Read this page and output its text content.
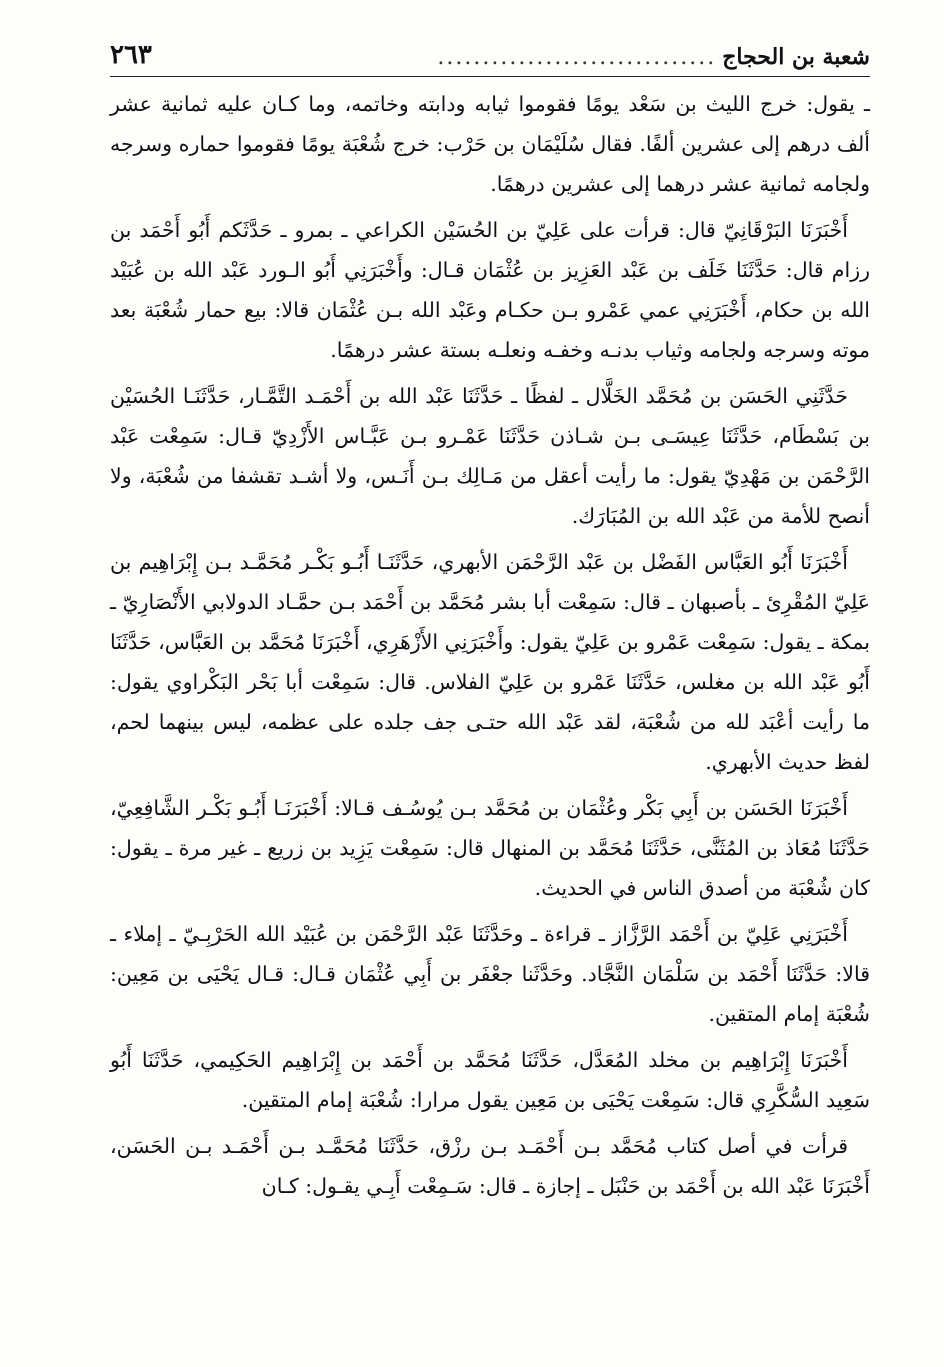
شعبة بن الحجاج
...............................
٢٦٣

ـ يقول: خرج الليث بن سَعْد يومًا فقوموا ثيابه ودابته وخاتمه، وما كـان عليه ثمانية عشر ألف درهم إلى عشرين ألفًا. فقال سُلَيْمَان بن حَرْب: خرج شُعْبَة يومًا فقوموا حماره وسرجه ولجامه ثمانية عشر درهما إلى عشرين درهمًا.

أَخْبَرَنَا البَرْقَانِيّ قال: قرأت على عَلِيّ بن الحُسَيْن الكراعي ـ بمرو ـ حَدَّثَكم أَبُو أَحْمَد بن رزام قال: حَدَّثَنَا خَلَف بن عَبْد العَزِيز بن عُثْمَان قـال: وأَخْبَرَنِي أَبُو الـورد عَبْد الله بن عُبَيْد الله بن حكام، أَخْبَرَنِي عمي عَمْرو بـن حكـام وعَبْد الله بـن عُثْمَان قالا: بيع حمار شُعْبَة بعد موته وسرجه ولجامه وثياب بدنـه وخفـه ونعلـه بستة عشر درهمًا.

حَدَّثَنِي الحَسَن بن مُحَمَّد الخَلَّال ـ لفظًا ـ حَدَّثَنَا عَبْد الله بن أَحْمَـد التَّمَّـار، حَدَّثَنَـا الحُسَيْن بن بَسْطَام، حَدَّثَنَا عِيسَـى بـن شـاذن حَدَّثَنَا عَمْـرو بـن عَبَّـاس الأَزْدِيّ قـال: سَمِعْت عَبْد الرَّحْمَن بن مَهْدِيّ يقول: ما رأيت أعقل من مَـالِك بـن أَنَـس، ولا أشـد تقشفا من شُعْبَة، ولا أنصح للأمة من عَبْد الله بن المُبَارَك.

أَخْبَرَنَا أَبُو العَبَّاس الفَضْل بن عَبْد الرَّحْمَن الأبهري، حَدَّثَنَـا أَبُـو بَكْـر مُحَمَّـد بـن إِبْرَاهِيم بن عَلِيّ المُقْرِئ ـ بأصبهان ـ قال: سَمِعْت أبا بشر مُحَمَّد بن أَحْمَد بـن حمَّـاد الدولابي الأَنْصَارِيّ ـ بمكة ـ يقول: سَمِعْت عَمْرو بن عَلِيّ يقول: وأَخْبَرَنِي الأَزْهَرِي، أَخْبَرَنَا مُحَمَّد بن العَبَّاس، حَدَّثَنَا أَبُو عَبْد الله بن مغلس، حَدَّثَنَا عَمْرو بن عَلِيّ الفلاس. قال: سَمِعْت أبا بَحْر البَكْراوي يقول: ما رأيت أعْبَد لله من شُعْبَة، لقد عَبْد الله حتـى جف جلده على عظمه، ليس بينهما لحم، لفظ حديث الأبهري.

أَخْبَرَنَا الحَسَن بن أَبِي بَكْر وعُثْمَان بن مُحَمَّد بـن يُوسُـف قـالا: أَخْبَرَنَـا أَبُـو بَكْـر الشَّافِعِيّ، حَدَّثَنَا مُعَاذ بن المُثَنَّى، حَدَّثَنَا مُحَمَّد بن المنهال قال: سَمِعْت يَزِيد بن زريع ـ غير مرة ـ يقول: كان شُعْبَة من أصدق الناس في الحديث.

أَخْبَرَنِي عَلِيّ بن أَحْمَد الرَّزَّاز ـ قراءة ـ وحَدَّثَنَا عَبْد الرَّحْمَن بن عُبَيْد الله الحَرْبِـيّ ـ إملاء ـ قالا: حَدَّثَنَا أَحْمَد بن سَلْمَان النَّجَّاد. وحَدَّثَنا جعْفَر بن أَبِي عُثْمَان قـال: قـال يَحْيَى بن مَعِين: شُعْبَة إمام المتقين.

أَخْبَرَنَا إِبْرَاهِيم بن مخلد المُعَدَّل، حَدَّثَنَا مُحَمَّد بن أَحْمَد بن إِبْرَاهِيم الحَكِيمي، حَدَّثَنَا أَبُو سَعِيد السُّكَّرِي قال: سَمِعْت يَحْيَى بن مَعِين يقول مرارا: شُعْبَة إمام المتقين.

قرأت في أصل كتاب مُحَمَّد بـن أَحْمَـد بـن رزْق، حَدَّثَنَا مُحَمَّـد بـن أَحْمَـد بـن الحَسَن، أَخْبَرَنَا عَبْد الله بن أَحْمَد بن حَنْبَل ـ إجازة ـ قال: سَـمِعْت أَبِـي يقـول: كـان
